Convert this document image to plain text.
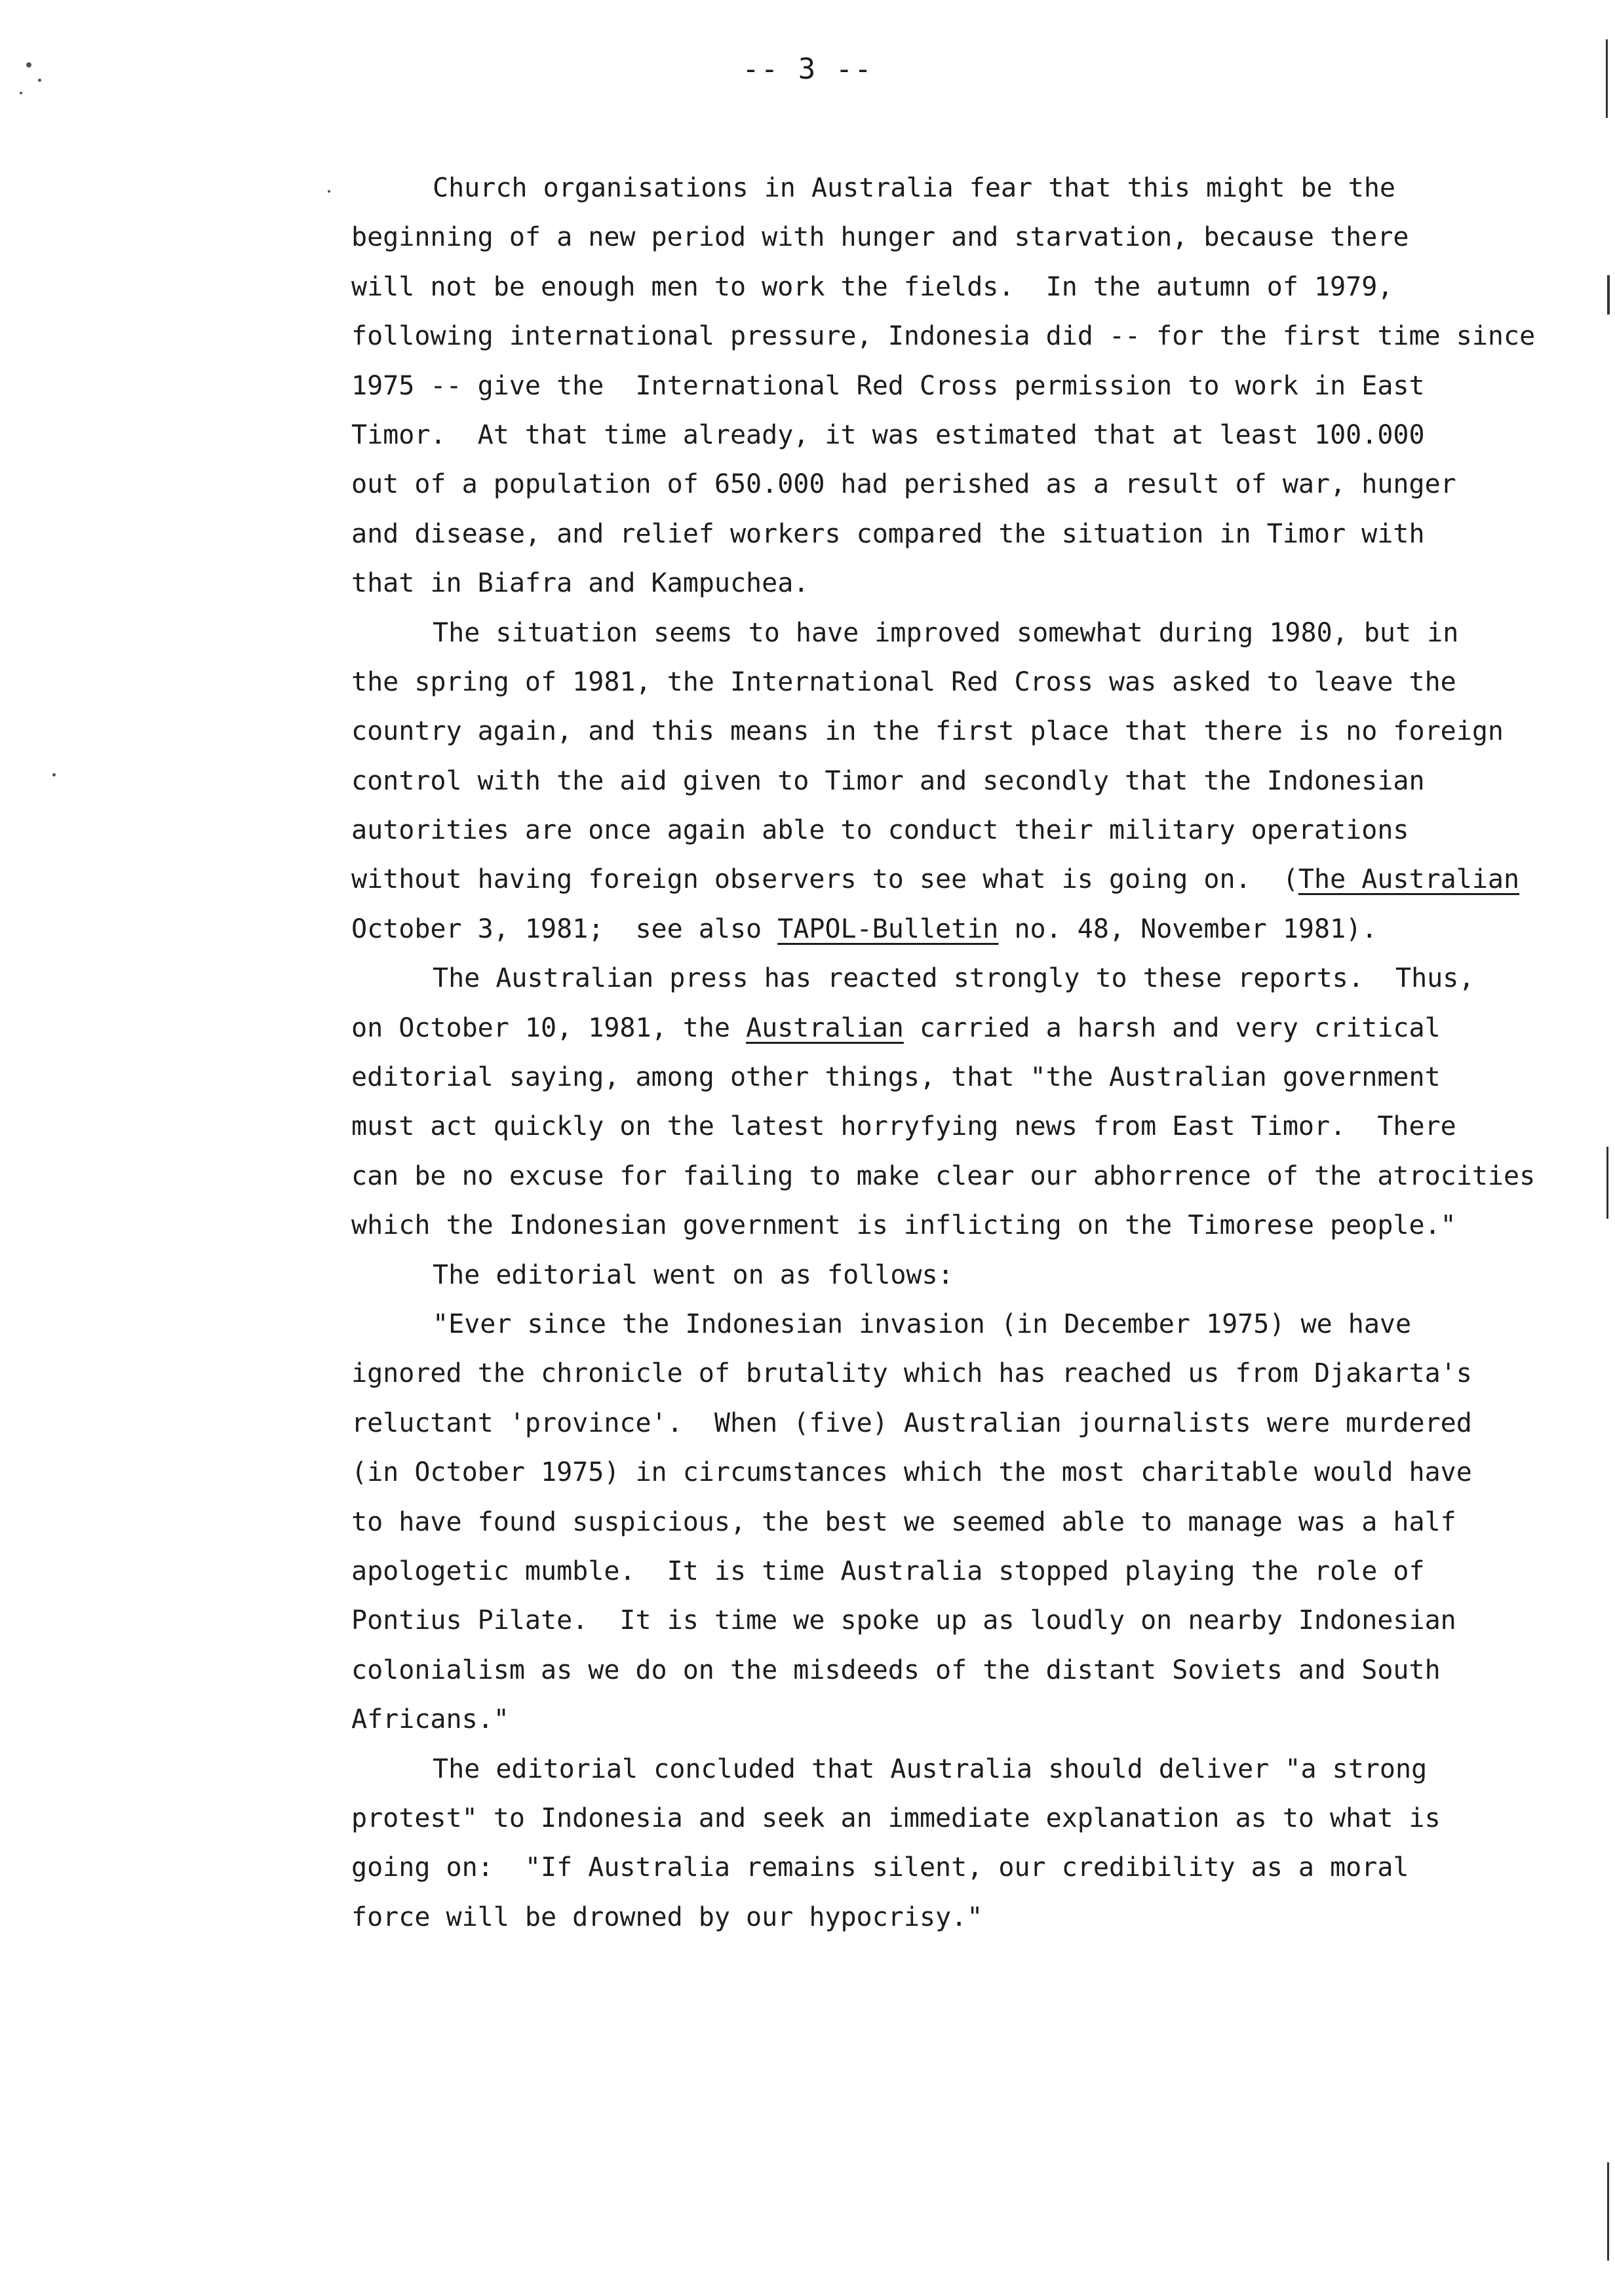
-- 3 --
Church organisations in Australia fear that this might be the
beginning of a new period with hunger and starvation, because there
will not be enough men to work the fields.  In the autumn of 1979,
following international pressure, Indonesia did -- for the first time since
1975 -- give the  International Red Cross permission to work in East
Timor.  At that time already, it was estimated that at least 100.000
out of a population of 650.000 had perished as a result of war, hunger
and disease, and relief workers compared the situation in Timor with
that in Biafra and Kampuchea.
The situation seems to have improved somewhat during 1980, but in
the spring of 1981, the International Red Cross was asked to leave the
country again, and this means in the first place that there is no foreign
control with the aid given to Timor and secondly that the Indonesian
autorities are once again able to conduct their military operations
without having foreign observers to see what is going on.  (The Australian
October 3, 1981;  see also TAPOL-Bulletin no. 48, November 1981).
The Australian press has reacted strongly to these reports.  Thus,
on October 10, 1981, the Australian carried a harsh and very critical
editorial saying, among other things, that "the Australian government
must act quickly on the latest horryfying news from East Timor.  There
can be no excuse for failing to make clear our abhorrence of the atrocities
which the Indonesian government is inflicting on the Timorese people."
The editorial went on as follows:
"Ever since the Indonesian invasion (in December 1975) we have
ignored the chronicle of brutality which has reached us from Djakarta's
reluctant 'province'.  When (five) Australian journalists were murdered
(in October 1975) in circumstances which the most charitable would have
to have found suspicious, the best we seemed able to manage was a half
apologetic mumble.  It is time Australia stopped playing the role of
Pontius Pilate.  It is time we spoke up as loudly on nearby Indonesian
colonialism as we do on the misdeeds of the distant Soviets and South
Africans."
The editorial concluded that Australia should deliver "a strong
protest" to Indonesia and seek an immediate explanation as to what is
going on:  "If Australia remains silent, our credibility as a moral
force will be drowned by our hypocrisy."
